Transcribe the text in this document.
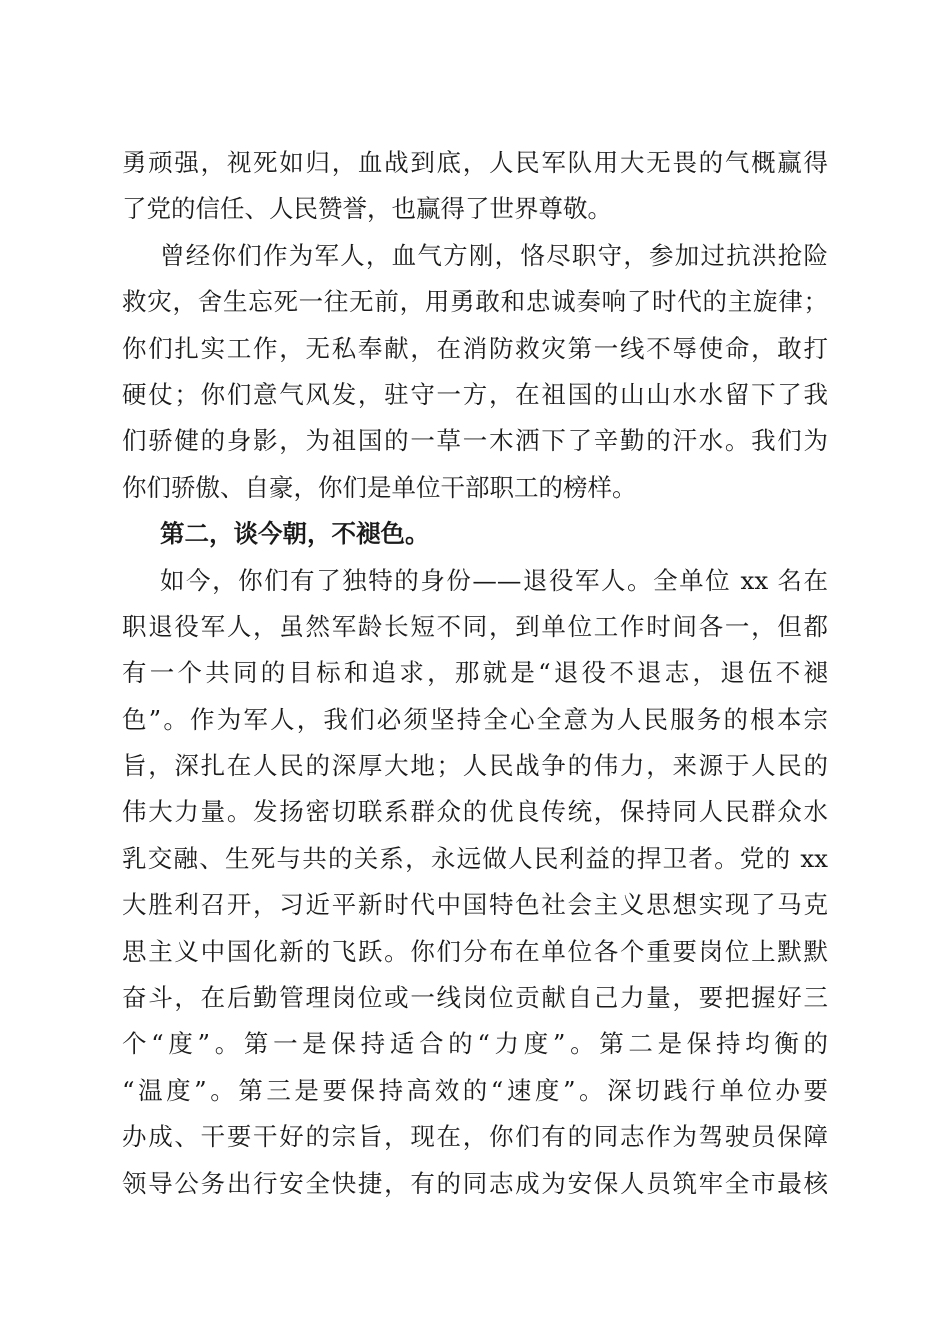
勇顽强，视死如归，血战到底，人民军队用大无畏的气概赢得
了党的信任、人民赞誉，也赢得了世界尊敬。
曾经你们作为军人，血气方刚，恪尽职守，参加过抗洪抢险
救灾，舍生忘死一往无前，用勇敢和忠诚奏响了时代的主旋律；
你们扎实工作，无私奉献，在消防救灾第一线不辱使命，敢打
硬仗；你们意气风发，驻守一方，在祖国的山山水水留下了我
们骄健的身影，为祖国的一草一木洒下了辛勤的汗水。我们为
你们骄傲、自豪，你们是单位干部职工的榜样。
第二，谈今朝，不褪色。
如今，你们有了独特的身份——退役军人。全单位 xx 名在
职退役军人，虽然军龄长短不同，到单位工作时间各一，但都
有一个共同的目标和追求，那就是“退役不退志，退伍不褪
色”。作为军人，我们必须坚持全心全意为人民服务的根本宗
旨，深扎在人民的深厚大地；人民战争的伟力，来源于人民的
伟大力量。发扬密切联系群众的优良传统，保持同人民群众水
乳交融、生死与共的关系，永远做人民利益的捍卫者。党的 xx
大胜利召开，习近平新时代中国特色社会主义思想实现了马克
思主义中国化新的飞跃。你们分布在单位各个重要岗位上默默
奋斗，在后勤管理岗位或一线岗位贡献自己力量，要把握好三
个“度”。第一是保持适合的“力度”。第二是保持均衡的
“温度”。第三是要保持高效的“速度”。深切践行单位办要
办成、干要干好的宗旨，现在，你们有的同志作为驾驶员保障
领导公务出行安全快捷，有的同志成为安保人员筑牢全市最核
